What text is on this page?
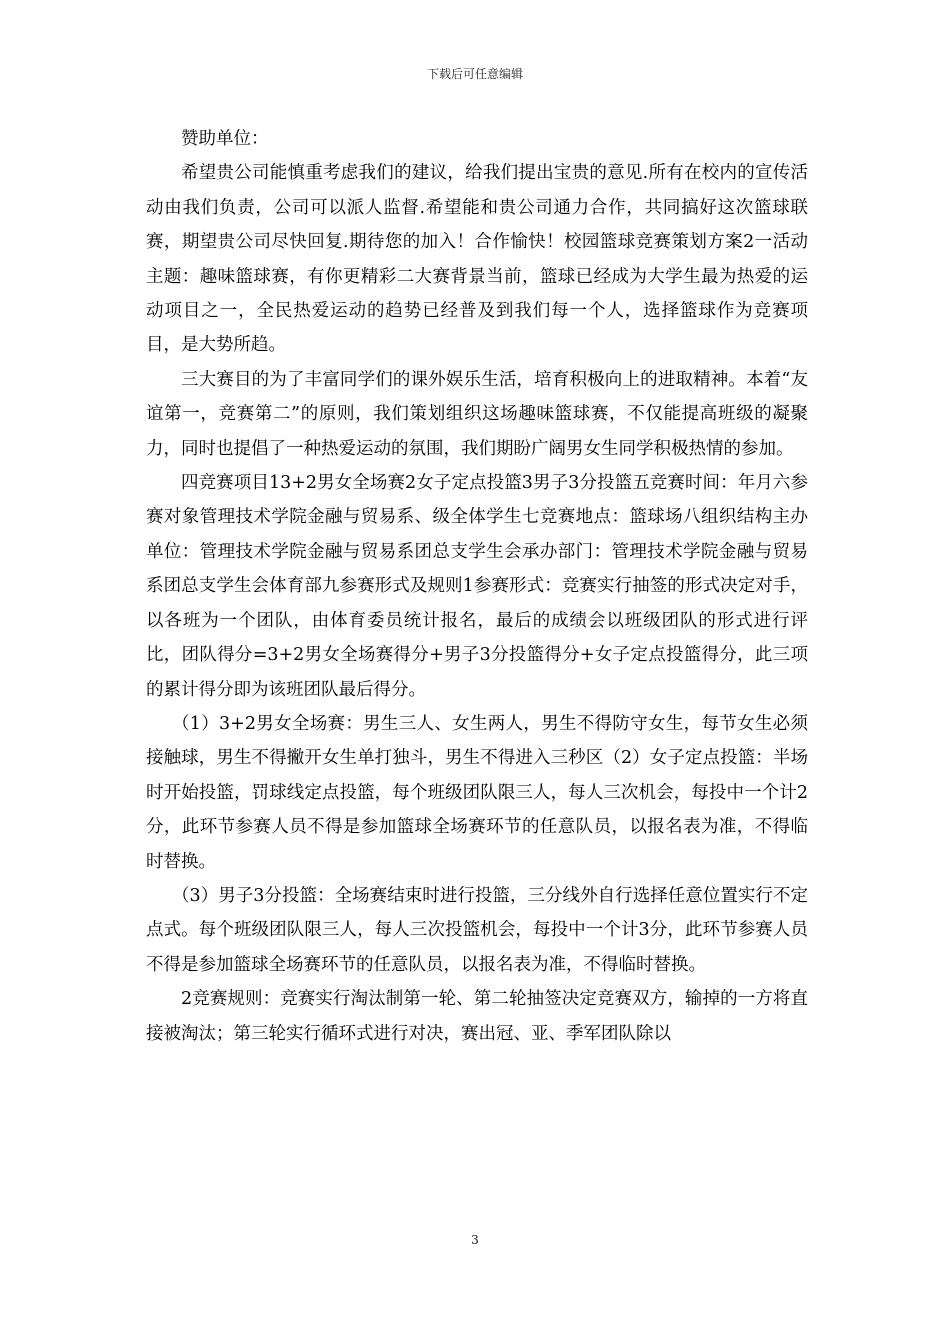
下载后可任意编辑

赞助单位：

希望贵公司能慎重考虑我们的建议，给我们提出宝贵的意见.所有在校内的宣传活动由我们负责，公司可以派人监督.希望能和贵公司通力合作，共同搞好这次篮球联赛，期望贵公司尽快回复.期待您的加入！合作愉快！校园篮球竞赛策划方案2一活动主题：趣味篮球赛，有你更精彩二大赛背景当前，篮球已经成为大学生最为热爱的运动项目之一，全民热爱运动的趋势已经普及到我们每一个人，选择篮球作为竞赛项目，是大势所趋。

三大赛目的为了丰富同学们的课外娱乐生活，培育积极向上的进取精神。本着“友谊第一，竞赛第二”的原则，我们策划组织这场趣味篮球赛，不仅能提高班级的凝聚力，同时也提倡了一种热爱运动的氛围，我们期盼广阔男女生同学积极热情的参加。

四竞赛项目13+2男女全场赛2女子定点投篮3男子3分投篮五竞赛时间：年月六参赛对象管理技术学院金融与贸易系、级全体学生七竞赛地点：篮球场八组织结构主办单位：管理技术学院金融与贸易系团总支学生会承办部门：管理技术学院金融与贸易系团总支学生会体育部九参赛形式及规则1参赛形式：竞赛实行抽签的形式决定对手，以各班为一个团队，由体育委员统计报名，最后的成绩会以班级团队的形式进行评比，团队得分=3+2男女全场赛得分+男子3分投篮得分+女子定点投篮得分，此三项的累计得分即为该班团队最后得分。

（1）3+2男女全场赛：男生三人、女生两人，男生不得防守女生，每节女生必须接触球，男生不得撇开女生单打独斗，男生不得进入三秒区（2）女子定点投篮：半场时开始投篮，罚球线定点投篮，每个班级团队限三人，每人三次机会，每投中一个计2分，此环节参赛人员不得是参加篮球全场赛环节的任意队员，以报名表为准，不得临时替换。

（3）男子3分投篮：全场赛结束时进行投篮，三分线外自行选择任意位置实行不定点式。每个班级团队限三人，每人三次投篮机会，每投中一个计3分，此环节参赛人员不得是参加篮球全场赛环节的任意队员，以报名表为准，不得临时替换。

2竞赛规则：竞赛实行淘汰制第一轮、第二轮抽签决定竞赛双方，输掉的一方将直接被淘汰；第三轮实行循环式进行对决，赛出冠、亚、季军团队除以

3
